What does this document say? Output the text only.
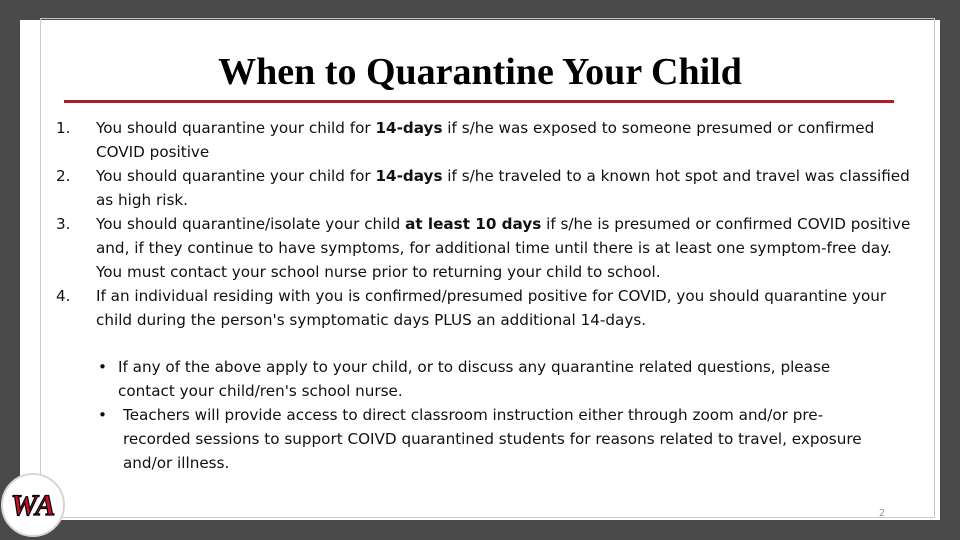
When to Quarantine Your Child
1.	You should quarantine your child for 14-days if s/he was exposed to someone presumed or confirmed COVID positive
2.	You should quarantine your child for 14-days if s/he traveled to a known hot spot and travel was classified as high risk.
3.	You should quarantine/isolate your child at least 10 days if s/he is presumed or confirmed COVID positive and, if they continue to have symptoms, for additional time until there is at least one symptom-free day. You must contact your school nurse prior to returning your child to school.
4.	If an individual residing with you is confirmed/presumed positive for COVID, you should quarantine your child during the person's symptomatic days PLUS an additional 14-days.
• If any of the above apply to your child, or to discuss any quarantine related questions, please contact your child/ren's school nurse.
• Teachers will provide access to direct classroom instruction either through zoom and/or pre-recorded sessions to support COIVD quarantined students for reasons related to travel, exposure and/or illness.
WA	2
